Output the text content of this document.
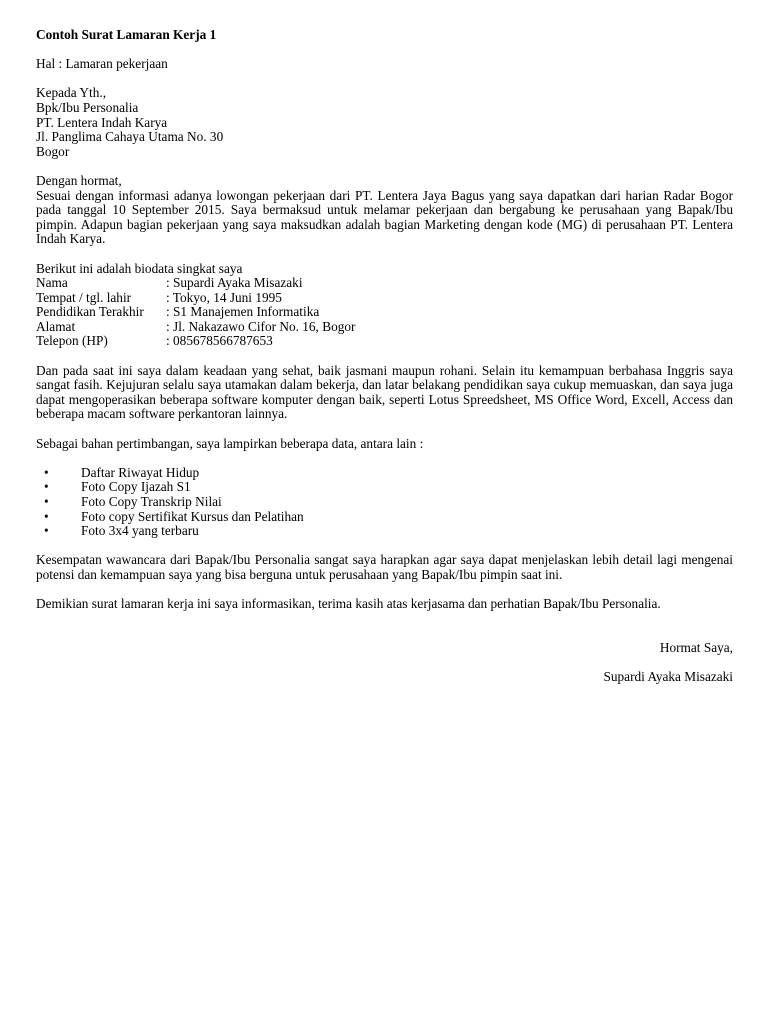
Contoh Surat Lamaran Kerja 1

Hal : Lamaran pekerjaan

Kepada Yth.,

Bpk/Ibu Personalia

PT. Lentera Indah Karya

Jl. Panglima Cahaya Utama No. 30

Bogor

Dengan hormat,

Sesuai dengan informasi adanya lowongan pekerjaan dari PT. Lentera Jaya Bagus yang saya dapatkan dari harian Radar Bogor pada tanggal 10 September 2015. Saya bermaksud untuk melamar pekerjaan dan bergabung ke perusahaan yang Bapak/Ibu pimpin. Adapun bagian pekerjaan yang saya maksudkan adalah bagian Marketing dengan kode (MG) di perusahaan PT. Lentera Indah Karya.

Berikut ini adalah biodata singkat saya

Nama	: Supardi Ayaka Misazaki
Tempat / tgl. lahir	: Tokyo, 14 Juni 1995
Pendidikan Terakhir	: S1 Manajemen Informatika
Alamat	: Jl. Nakazawo Cifor No. 16, Bogor
Telepon (HP)	: 085678566787653

Dan pada saat ini saya dalam keadaan yang sehat, baik jasmani maupun rohani. Selain itu kemampuan berbahasa Inggris saya sangat fasih. Kejujuran selalu saya utamakan dalam bekerja, dan latar belakang pendidikan saya cukup memuaskan, dan saya juga dapat mengoperasikan beberapa software komputer dengan baik, seperti Lotus Spreedsheet, MS Office Word, Excell, Access dan beberapa macam software perkantoran lainnya.

Sebagai bahan pertimbangan, saya lampirkan beberapa data, antara lain :

• Daftar Riwayat Hidup
• Foto Copy Ijazah S1
• Foto Copy Transkrip Nilai
• Foto copy Sertifikat Kursus dan Pelatihan
• Foto 3x4 yang terbaru

Kesempatan wawancara dari Bapak/Ibu Personalia sangat saya harapkan agar saya dapat menjelaskan lebih detail lagi mengenai potensi dan kemampuan saya yang bisa berguna untuk perusahaan yang Bapak/Ibu pimpin saat ini.

Demikian surat lamaran kerja ini saya informasikan, terima kasih atas kerjasama dan perhatian Bapak/Ibu Personalia.

Hormat Saya,

Supardi Ayaka Misazaki
